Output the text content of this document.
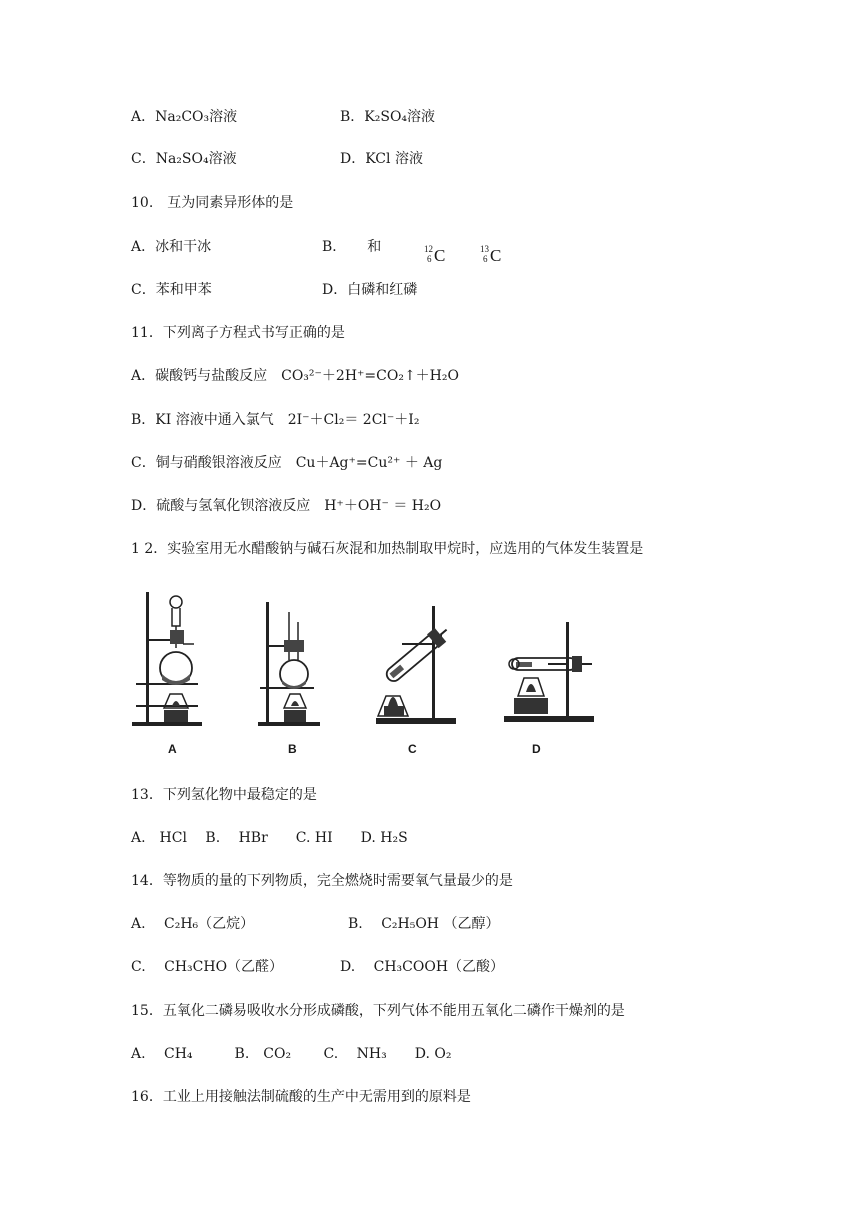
A．Na₂CO₃溶液	B．K₂SO₄溶液
C．Na₂SO₄溶液	D．KCl 溶液
10.　互为同素异形体的是
A．冰和干冰	B．　　和	12
6 C	13
6 C
C．苯和甲苯	D．白磷和红磷
11．下列离子方程式书写正确的是
A．碳酸钙与盐酸反应　CO₃²⁻＋2H⁺=CO₂↑＋H₂O
B．KI 溶液中通入氯气　2I⁻＋Cl₂＝ 2Cl⁻＋I₂
C．铜与硝酸银溶液反应　Cu＋Ag⁺=Cu²⁺ ＋ Ag
D．硫酸与氢氧化钡溶液反应　H⁺＋OH⁻ ＝ H₂O
1 2．实验室用无水醋酸钠与碱石灰混和加热制取甲烷时，应选用的气体发生装置是
A	B	C	D
13．下列氢化物中最稳定的是
A.　HCl　 B.　 HBr　　C. HI　　D. H₂S
14．等物质的量的下列物质，完全燃烧时需要氧气量最少的是
A.　 C₂H₆（乙烷）	B.　 C₂H₅OH （乙醇）
C.　 CH₃CHO（乙醛）	D.　 CH₃COOH（乙酸）
15．五氧化二磷易吸收水分形成磷酸，下列气体不能用五氧化二磷作干燥剂的是
A.　 CH₄　　　B.　CO₂　　 C.　 NH₃　　D. O₂
16．工业上用接触法制硫酸的生产中无需用到的原料是
